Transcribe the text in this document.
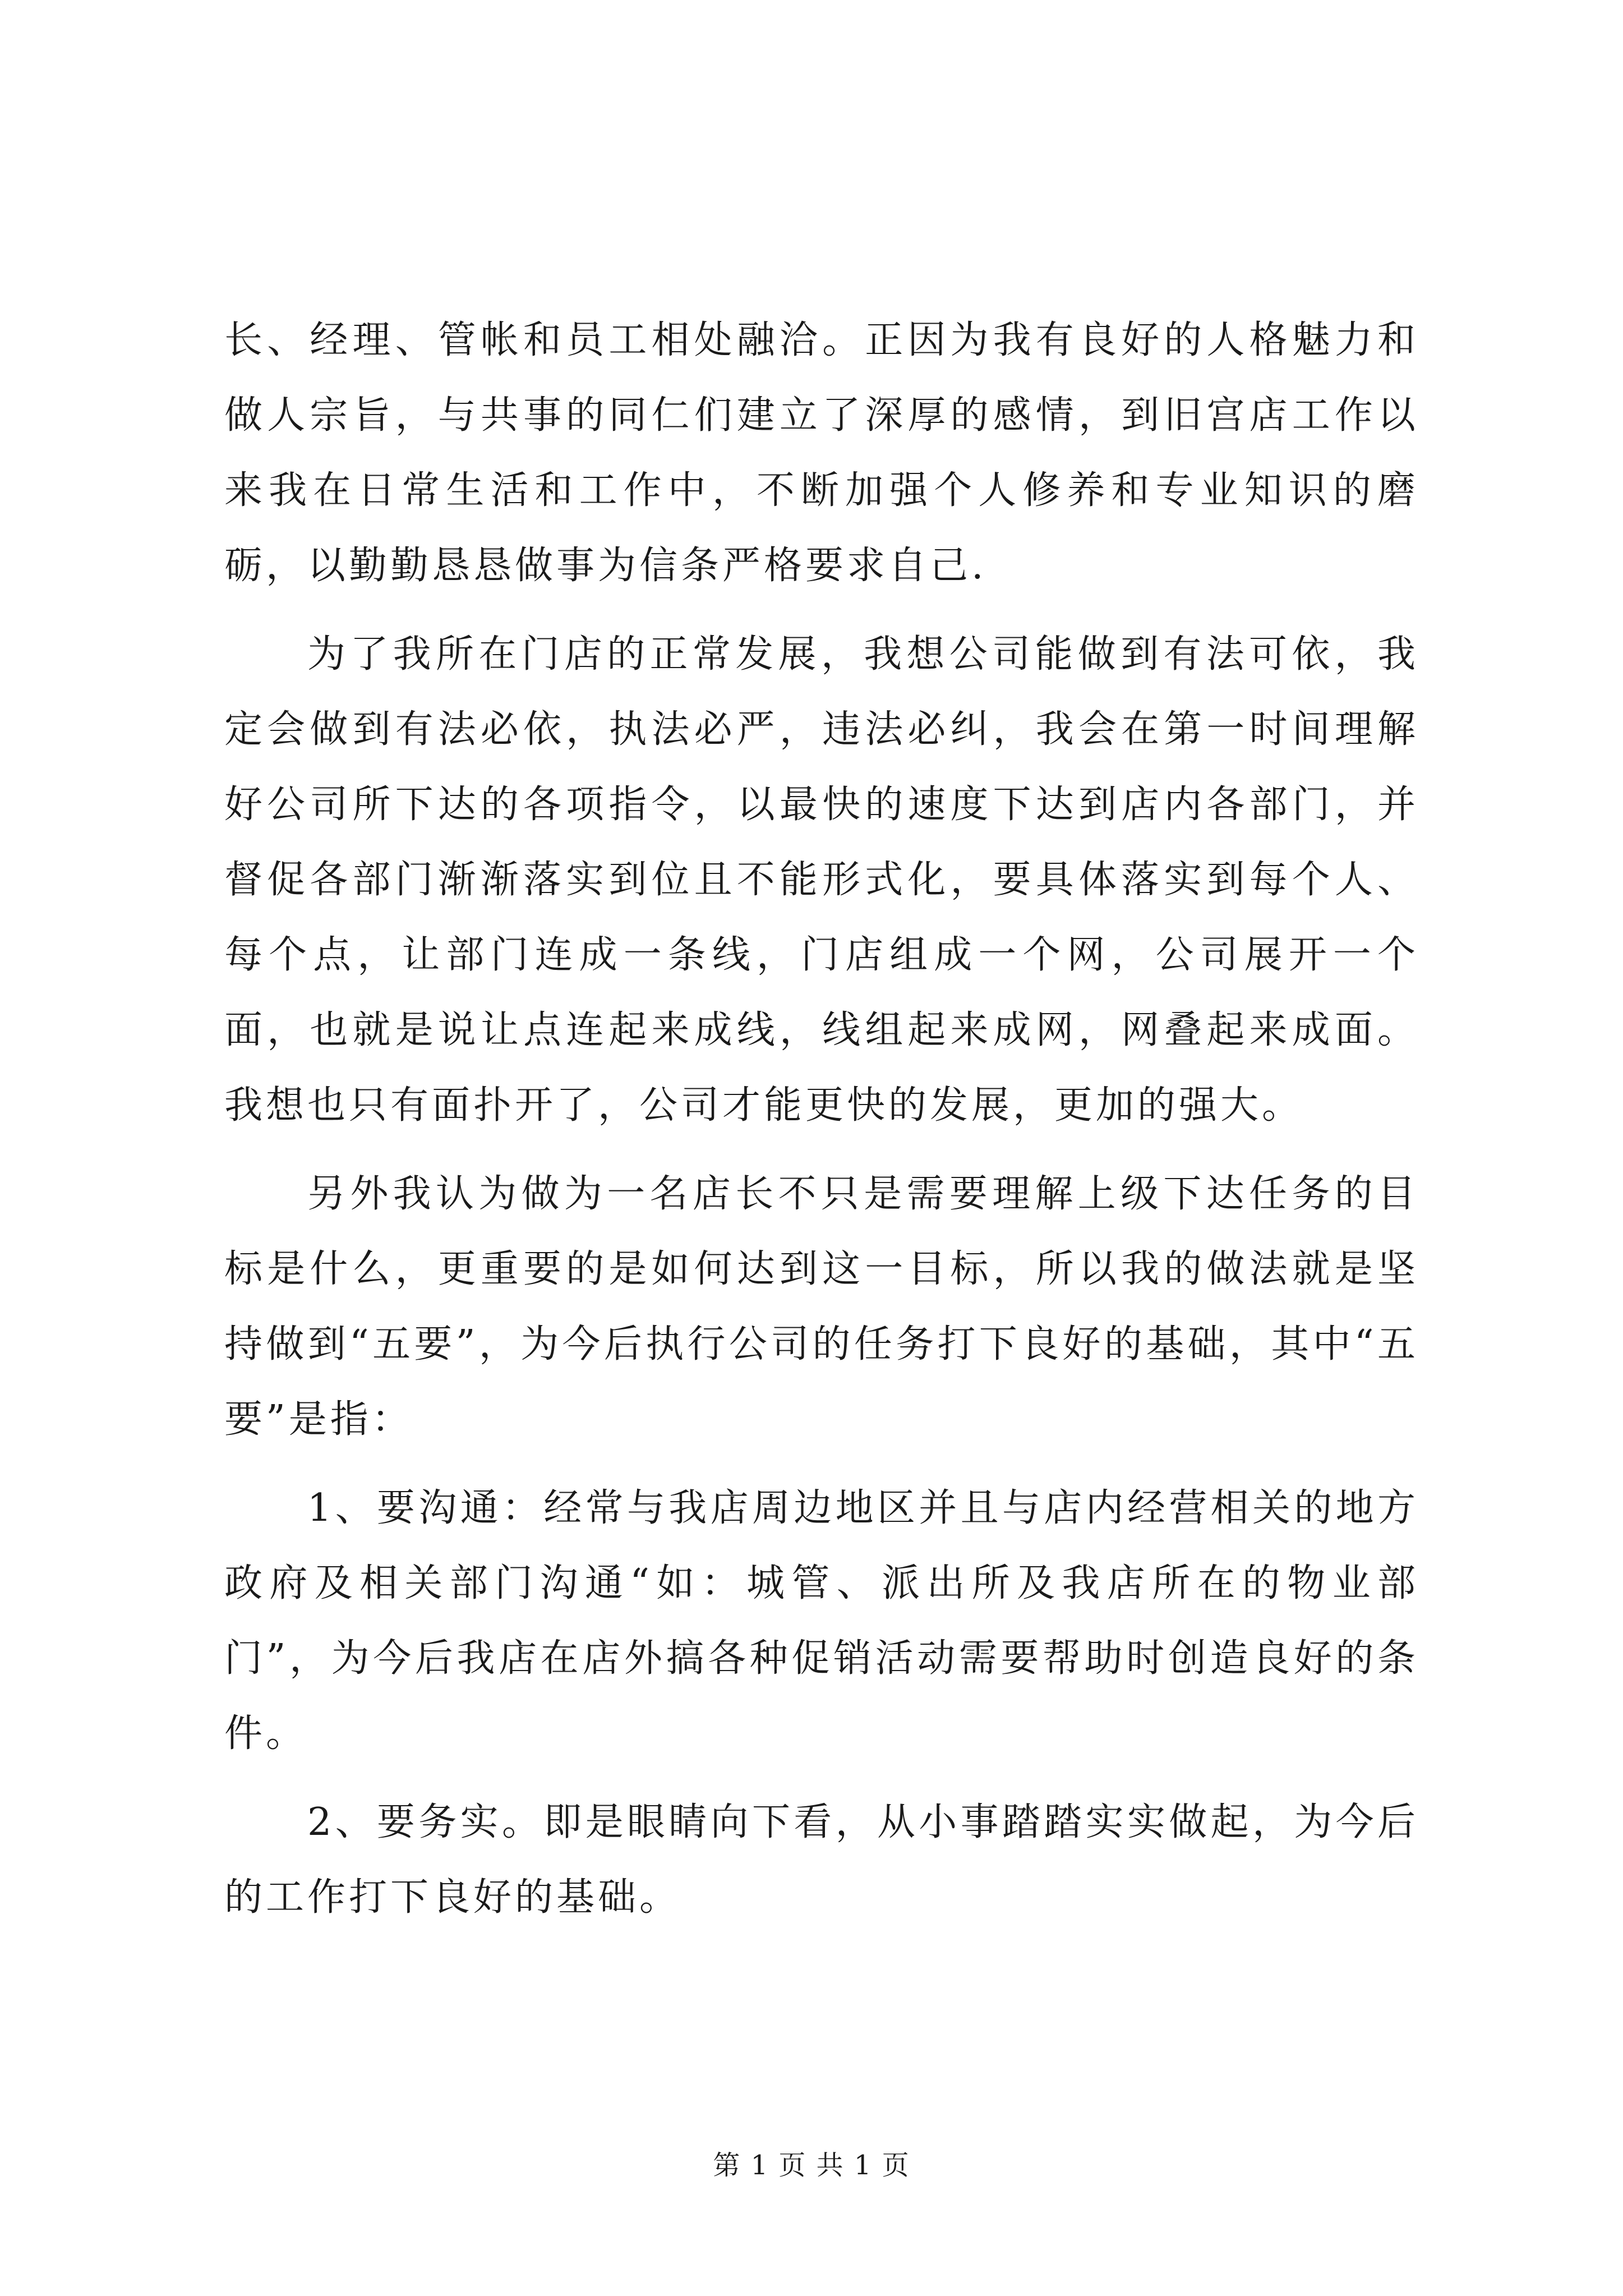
长、经理、管帐和员工相处融洽。正因为我有良好的人格魅力和做人宗旨，与共事的同仁们建立了深厚的感情，到旧宫店工作以来我在日常生活和工作中，不断加强个人修养和专业知识的磨砺，以勤勤恳恳做事为信条严格要求自己.

为了我所在门店的正常发展，我想公司能做到有法可依，我定会做到有法必依，执法必严，违法必纠，我会在第一时间理解好公司所下达的各项指令，以最快的速度下达到店内各部门，并督促各部门渐渐落实到位且不能形式化，要具体落实到每个人、每个点，让部门连成一条线，门店组成一个网，公司展开一个面，也就是说让点连起来成线，线组起来成网，网叠起来成面。我想也只有面扑开了，公司才能更快的发展，更加的强大。

另外我认为做为一名店长不只是需要理解上级下达任务的目标是什么，更重要的是如何达到这一目标，所以我的做法就是坚持做到“五要”，为今后执行公司的任务打下良好的基础，其中“五要”是指：

1、要沟通：经常与我店周边地区并且与店内经营相关的地方政府及相关部门沟通“如：城管、派出所及我店所在的物业部门”，为今后我店在店外搞各种促销活动需要帮助时创造良好的条件。

2、要务实。即是眼睛向下看，从小事踏踏实实做起，为今后的工作打下良好的基础。

第 1 页 共 1 页
